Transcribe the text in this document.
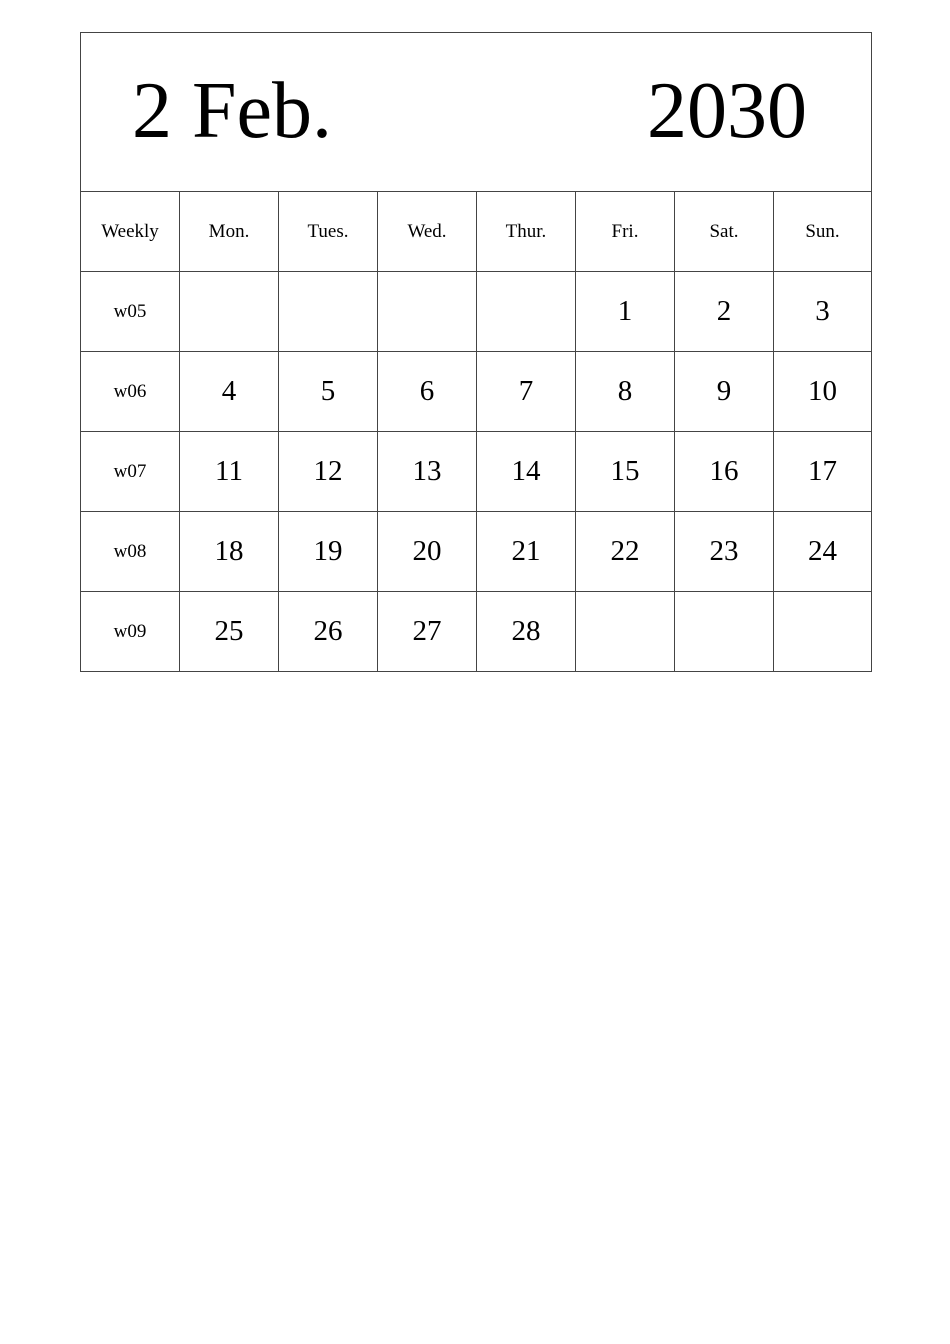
2 Feb. 2030							

Weekly	Mon.	Tues.	Wed.	Thur.	Fri.	Sat.	Sun.
w05					1	2	3
w06	4	5	6	7	8	9	10
w07	11	12	13	14	15	16	17
w08	18	19	20	21	22	23	24
w09	25	26	27	28			
